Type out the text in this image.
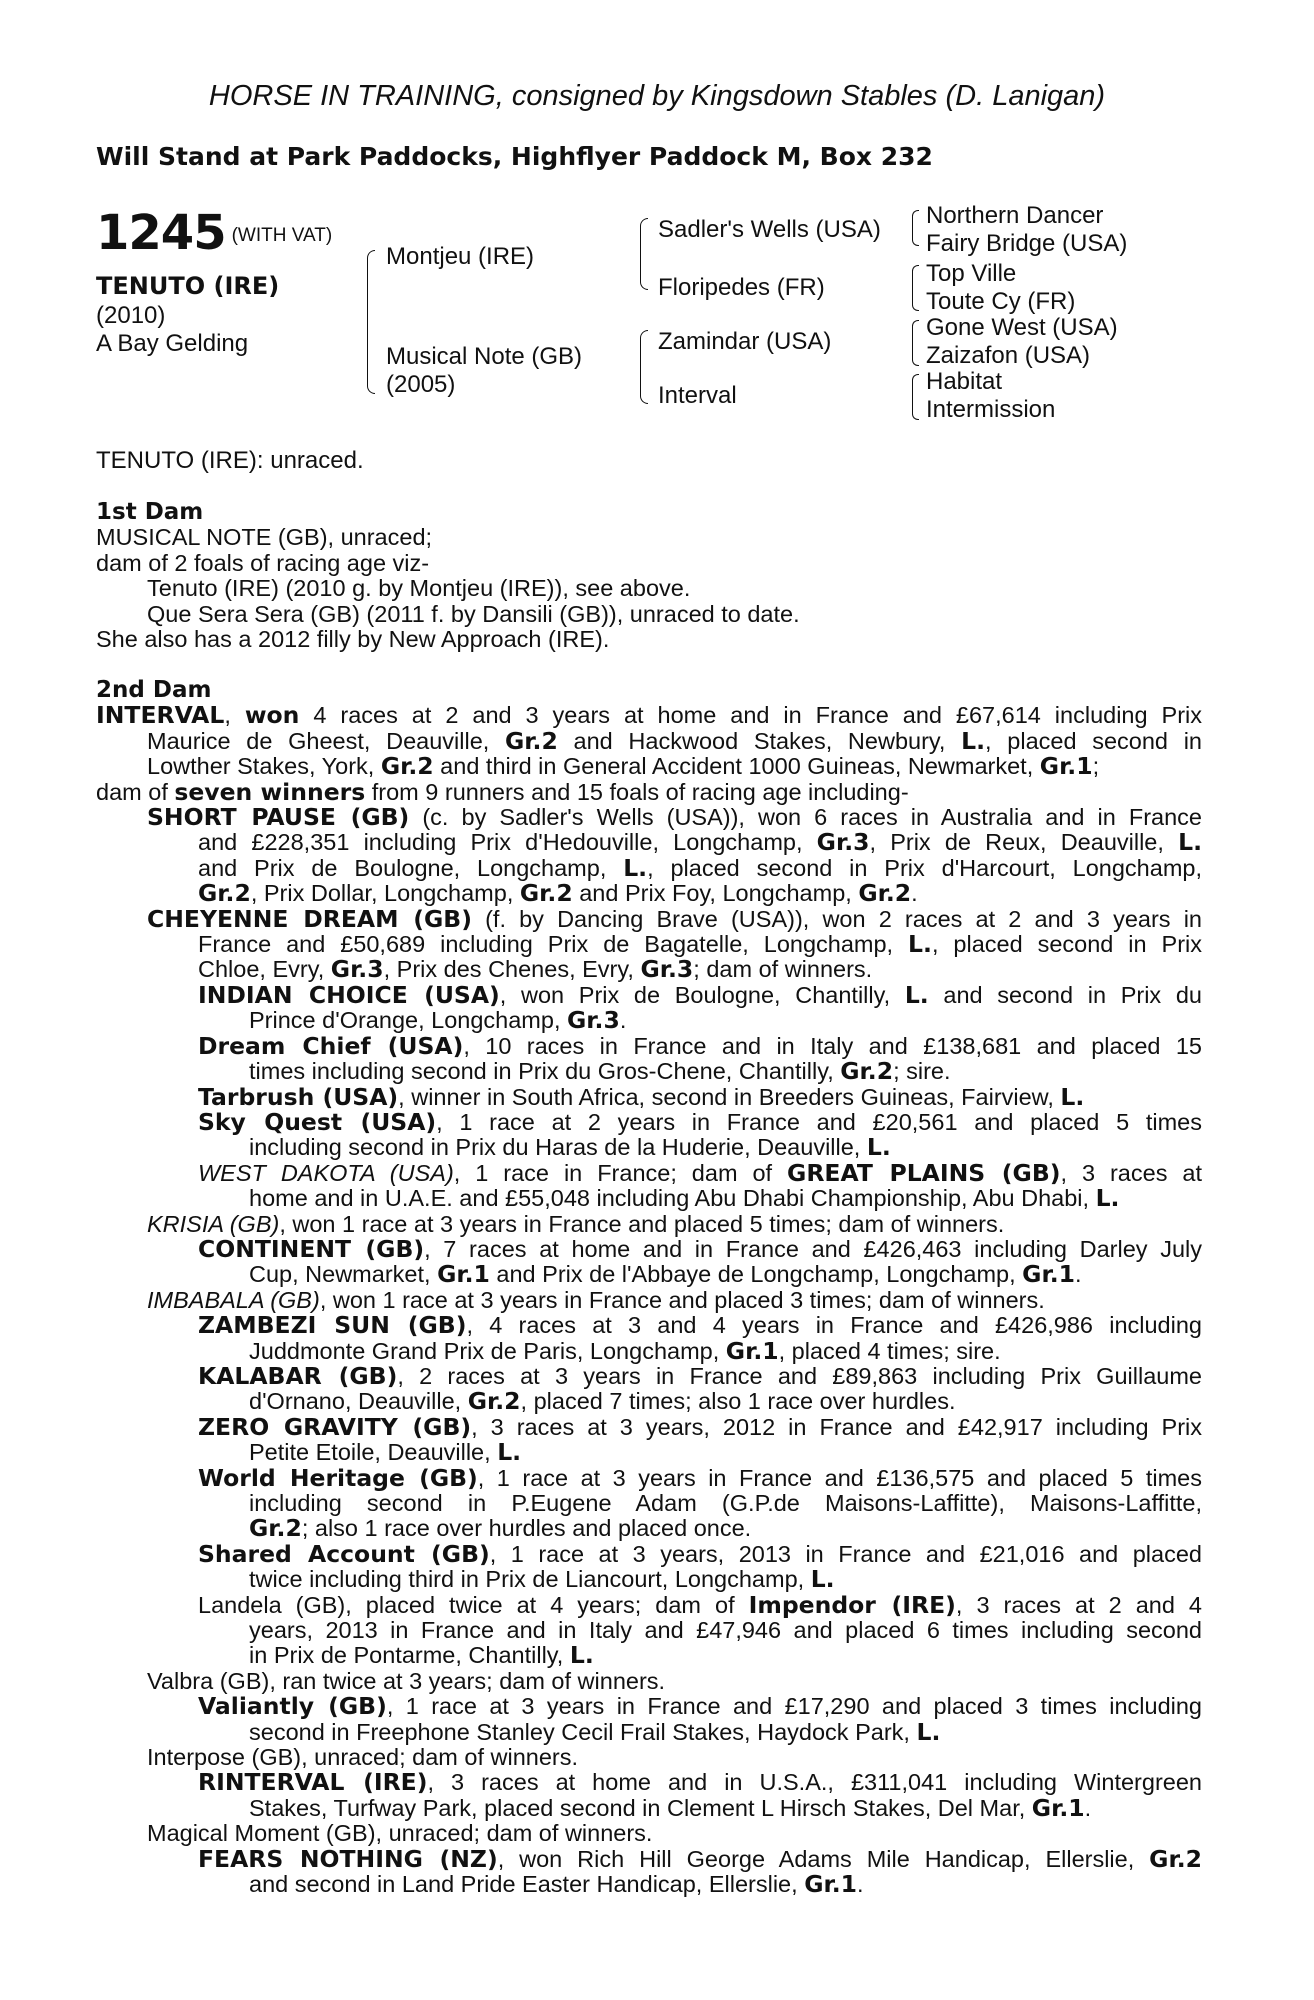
HORSE IN TRAINING, consigned by Kingsdown Stables (D. Lanigan)
Will Stand at Park Paddocks, Highflyer Paddock M, Box 232
1245 (WITH VAT)
TENUTO (IRE)
(2010)
A Bay Gelding
Montjeu (IRE)
Musical Note (GB)
(2005)
Sadler's Wells (USA)
Floripedes (FR)
Zamindar (USA)
Interval
Northern Dancer
Fairy Bridge (USA)
Top Ville
Toute Cy (FR)
Gone West (USA)
Zaizafon (USA)
Habitat
Intermission
TENUTO (IRE): unraced.
1st Dam
MUSICAL NOTE (GB), unraced;
dam of 2 foals of racing age viz-
Tenuto (IRE) (2010 g. by Montjeu (IRE)), see above.
Que Sera Sera (GB) (2011 f. by Dansili (GB)), unraced to date.
She also has a 2012 filly by New Approach (IRE).
2nd Dam
INTERVAL, won 4 races at 2 and 3 years at home and in France and £67,614 including Prix
Maurice de Gheest, Deauville, Gr.2 and Hackwood Stakes, Newbury, L., placed second in
Lowther Stakes, York, Gr.2 and third in General Accident 1000 Guineas, Newmarket, Gr.1;
dam of seven winners from 9 runners and 15 foals of racing age including-
SHORT PAUSE (GB) (c. by Sadler's Wells (USA)), won 6 races in Australia and in France
and £228,351 including Prix d'Hedouville, Longchamp, Gr.3, Prix de Reux, Deauville, L.
and Prix de Boulogne, Longchamp, L., placed second in Prix d'Harcourt, Longchamp,
Gr.2, Prix Dollar, Longchamp, Gr.2 and Prix Foy, Longchamp, Gr.2.
CHEYENNE DREAM (GB) (f. by Dancing Brave (USA)), won 2 races at 2 and 3 years in
France and £50,689 including Prix de Bagatelle, Longchamp, L., placed second in Prix
Chloe, Evry, Gr.3, Prix des Chenes, Evry, Gr.3; dam of winners.
INDIAN CHOICE (USA), won Prix de Boulogne, Chantilly, L. and second in Prix du
Prince d'Orange, Longchamp, Gr.3.
Dream Chief (USA), 10 races in France and in Italy and £138,681 and placed 15
times including second in Prix du Gros-Chene, Chantilly, Gr.2; sire.
Tarbrush (USA), winner in South Africa, second in Breeders Guineas, Fairview, L.
Sky Quest (USA), 1 race at 2 years in France and £20,561 and placed 5 times
including second in Prix du Haras de la Huderie, Deauville, L.
WEST DAKOTA (USA), 1 race in France; dam of GREAT PLAINS (GB), 3 races at
home and in U.A.E. and £55,048 including Abu Dhabi Championship, Abu Dhabi, L.
KRISIA (GB), won 1 race at 3 years in France and placed 5 times; dam of winners.
CONTINENT (GB), 7 races at home and in France and £426,463 including Darley July
Cup, Newmarket, Gr.1 and Prix de l'Abbaye de Longchamp, Longchamp, Gr.1.
IMBABALA (GB), won 1 race at 3 years in France and placed 3 times; dam of winners.
ZAMBEZI SUN (GB), 4 races at 3 and 4 years in France and £426,986 including
Juddmonte Grand Prix de Paris, Longchamp, Gr.1, placed 4 times; sire.
KALABAR (GB), 2 races at 3 years in France and £89,863 including Prix Guillaume
d'Ornano, Deauville, Gr.2, placed 7 times; also 1 race over hurdles.
ZERO GRAVITY (GB), 3 races at 3 years, 2012 in France and £42,917 including Prix
Petite Etoile, Deauville, L.
World Heritage (GB), 1 race at 3 years in France and £136,575 and placed 5 times
including second in P.Eugene Adam (G.P.de Maisons-Laffitte), Maisons-Laffitte,
Gr.2; also 1 race over hurdles and placed once.
Shared Account (GB), 1 race at 3 years, 2013 in France and £21,016 and placed
twice including third in Prix de Liancourt, Longchamp, L.
Landela (GB), placed twice at 4 years; dam of Impendor (IRE), 3 races at 2 and 4
years, 2013 in France and in Italy and £47,946 and placed 6 times including second
in Prix de Pontarme, Chantilly, L.
Valbra (GB), ran twice at 3 years; dam of winners.
Valiantly (GB), 1 race at 3 years in France and £17,290 and placed 3 times including
second in Freephone Stanley Cecil Frail Stakes, Haydock Park, L.
Interpose (GB), unraced; dam of winners.
RINTERVAL (IRE), 3 races at home and in U.S.A., £311,041 including Wintergreen
Stakes, Turfway Park, placed second in Clement L Hirsch Stakes, Del Mar, Gr.1.
Magical Moment (GB), unraced; dam of winners.
FEARS NOTHING (NZ), won Rich Hill George Adams Mile Handicap, Ellerslie, Gr.2
and second in Land Pride Easter Handicap, Ellerslie, Gr.1.
